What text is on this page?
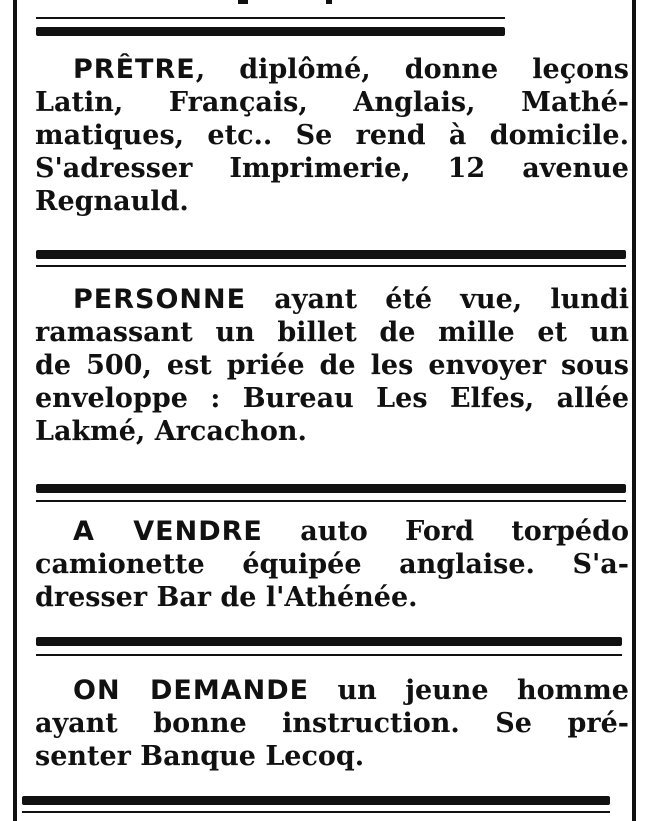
PRÊTRE, diplômé, donne leçons
Latin, Français, Anglais, Mathé-
matiques, etc.. Se rend à domicile.
S'adresser Imprimerie, 12 avenue
Regnauld.
PERSONNE ayant été vue, lundi
ramassant un billet de mille et un
de 500, est priée de les envoyer sous
enveloppe : Bureau Les Elfes, allée
Lakmé, Arcachon.
A VENDRE auto Ford torpédo
camionette équipée anglaise. S'a-
dresser Bar de l'Athénée.
ON DEMANDE un jeune homme
ayant bonne instruction. Se pré-
senter Banque Lecoq.
